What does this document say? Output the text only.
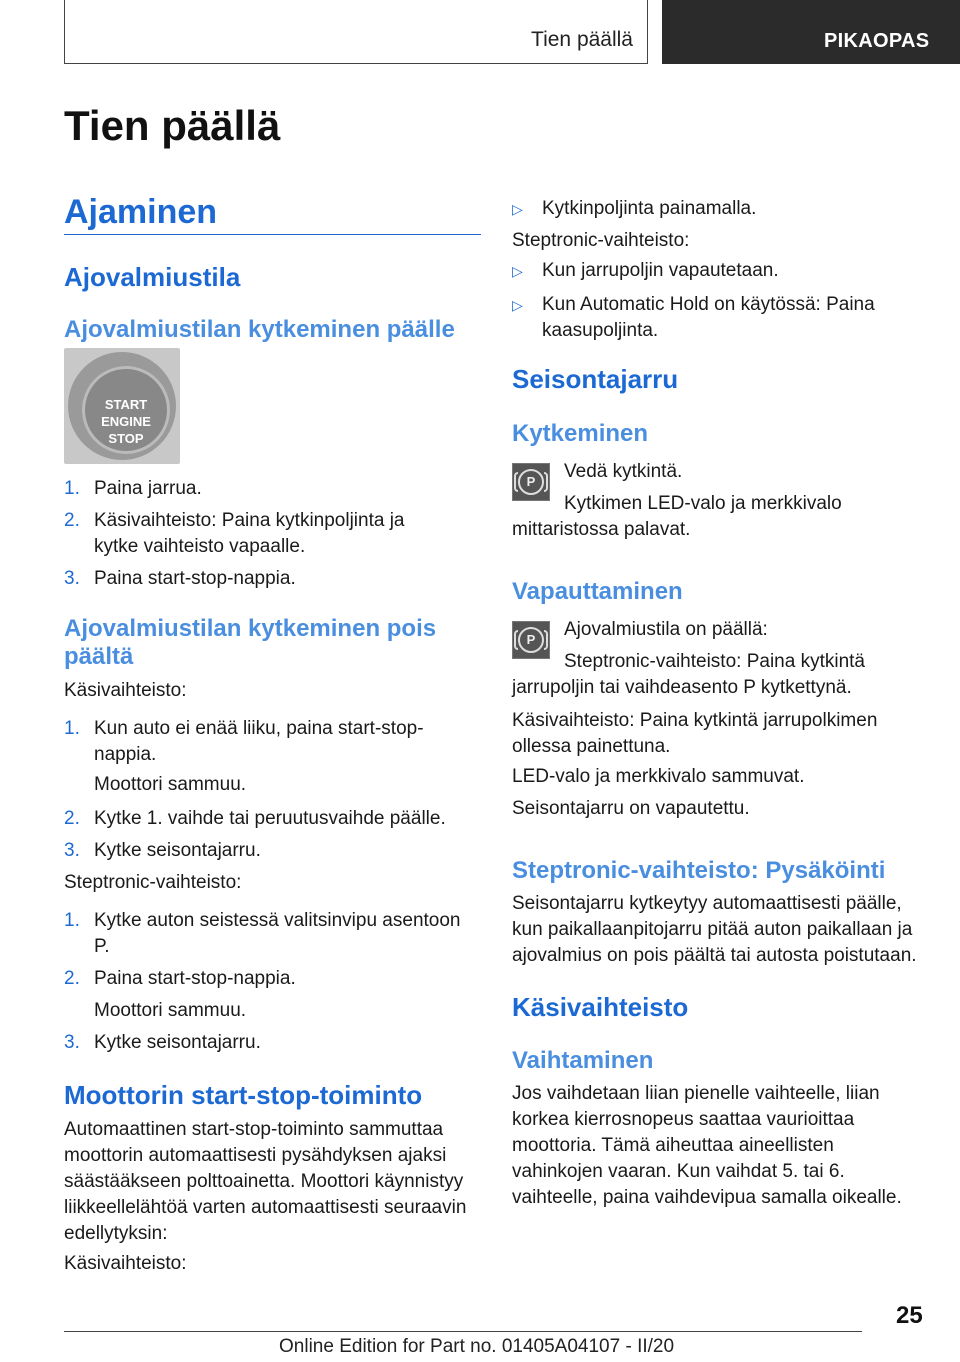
Tien päällä	PIKAOPAS
Tien päällä
Ajaminen
Ajovalmiustila
Ajovalmiustilan kytkeminen päälle
START
ENGINE
STOP
1. Paina jarrua.
2. Käsivaihteisto: Paina kytkinpoljinta ja kytke vaihteisto vapaalle.
3. Paina start-stop-nappia.
Ajovalmiustilan kytkeminen pois päältä

Käsivaihteisto:

1. Kun auto ei enää liiku, paina start-stop-nappia.
Moottori sammuu.
2. Kytke 1. vaihde tai peruutusvaihde päälle.
3. Kytke seisontajarru.

Steptronic-vaihteisto:

1. Kytke auton seistessä valitsinvipu asentoon P.
2. Paina start-stop-nappia.
Moottori sammuu.
3. Kytke seisontajarru.
Moottorin start-stop-toiminto

Automaattinen start-stop-toiminto sammuttaa moottorin automaattisesti pysähdyksen ajaksi säästääkseen polttoainetta. Moottori käynnistyy liikkeellelähtöä varten automaattisesti seuraavin edellytyksin:

Käsivaihteisto:

▷ Kytkinpoljinta painamalla.

Steptronic-vaihteisto:

▷ Kun jarrupoljin vapautetaan.
▷ Kun Automatic Hold on käytössä: Paina kaasupoljinta.
Seisontajarru
Kytkeminen
P	Vedä kytkintä.

Kytkimen LED-valo ja merkkivalo mittaristossa palavat.

Vapauttaminen
P	Ajovalmiustila on päällä:

Steptronic-vaihteisto: Paina kytkintä jarrupoljin tai vaihdeasento P kytkettynä.

Käsivaihteisto: Paina kytkintä jarrupolkimen ollessa painettuna.

LED-valo ja merkkivalo sammuvat.

Seisontajarru on vapautettu.

Steptronic-vaihteisto: Pysäköinti

Seisontajarru kytkeytyy automaattisesti päälle, kun paikallaanpitojarru pitää auton paikallaan ja ajovalmius on pois päältä tai autosta poistutaan.

Käsivaihteisto
Vaihtaminen

Jos vaihdetaan liian pienelle vaihteelle, liian korkea kierrosnopeus saattaa vaurioittaa moottoria. Tämä aiheuttaa aineellisten vahinkojen vaaran. Kun vaihdat 5. tai 6. vaihteelle, paina vaihdevipua samalla oikealle.

25
Online Edition for Part no. 01405A04107 - II/20
